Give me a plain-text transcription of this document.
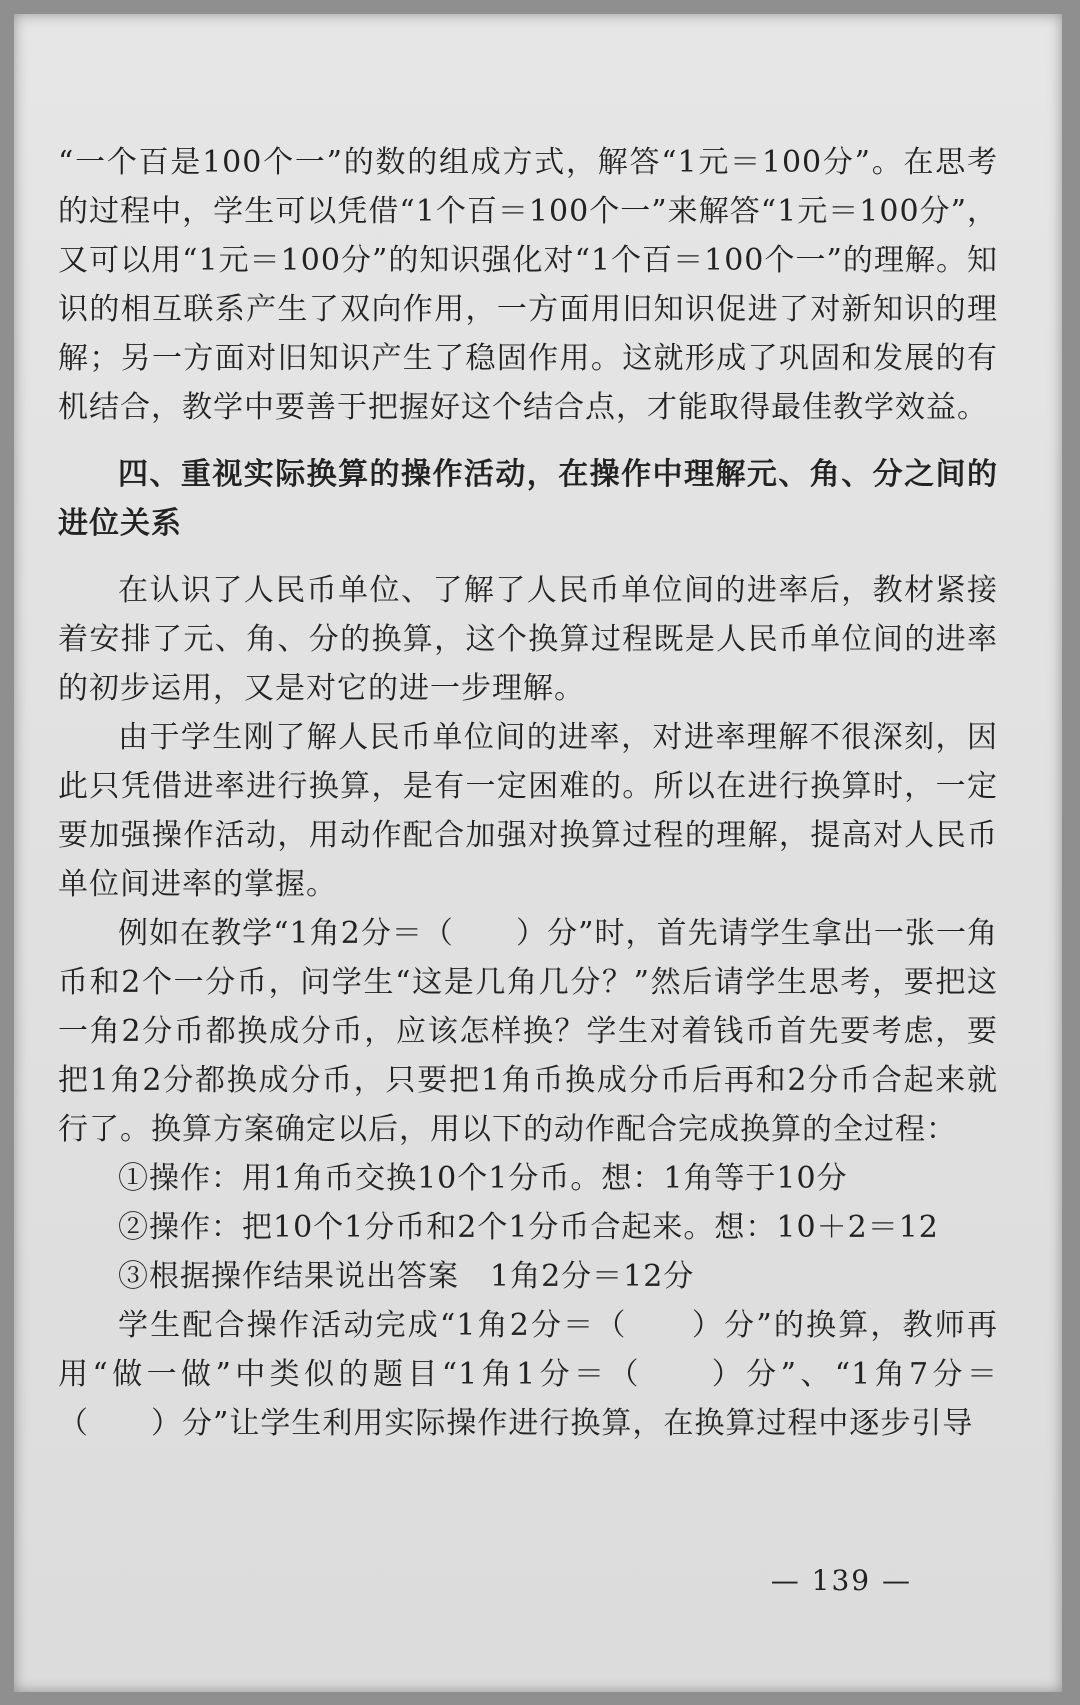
“一个百是100个一”的数的组成方式，解答“1元＝100分”。在思考的过程中，学生可以凭借“1个百＝100个一”来解答“1元＝100分”，又可以用“1元＝100分”的知识强化对“1个百＝100个一”的理解。知识的相互联系产生了双向作用，一方面用旧知识促进了对新知识的理解；另一方面对旧知识产生了稳固作用。这就形成了巩固和发展的有机结合，教学中要善于把握好这个结合点，才能取得最佳教学效益。

四、重视实际换算的操作活动，在操作中理解元、角、分之间的进位关系

在认识了人民币单位、了解了人民币单位间的进率后，教材紧接着安排了元、角、分的换算，这个换算过程既是人民币单位间的进率的初步运用，又是对它的进一步理解。

由于学生刚了解人民币单位间的进率，对进率理解不很深刻，因此只凭借进率进行换算，是有一定困难的。所以在进行换算时，一定要加强操作活动，用动作配合加强对换算过程的理解，提高对人民币单位间进率的掌握。

例如在教学“1角2分＝（　　）分”时，首先请学生拿出一张一角币和2个一分币，问学生“这是几角几分？”然后请学生思考，要把这一角2分币都换成分币，应该怎样换？学生对着钱币首先要考虑，要把1角2分都换成分币，只要把1角币换成分币后再和2分币合起来就行了。换算方案确定以后，用以下的动作配合完成换算的全过程：

①操作：用1角币交换10个1分币。想：1角等于10分

②操作：把10个1分币和2个1分币合起来。想：10＋2＝12

③根据操作结果说出答案　1角2分＝12分

学生配合操作活动完成“1角2分＝（　　）分”的换算，教师再用“做一做”中类似的题目“1角1分＝（　　）分”、“1角7分＝（　　）分”让学生利用实际操作进行换算，在换算过程中逐步引导

— 139 —
